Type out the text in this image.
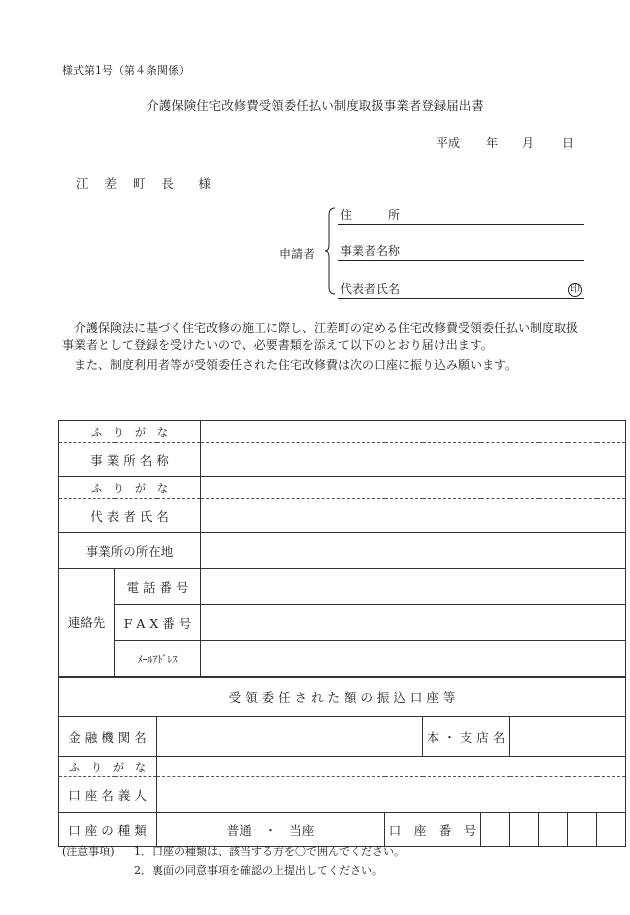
様式第1号（第４条関係）
介護保険住宅改修費受領委任払い制度取扱事業者登録届出書
平成 年 月 日
江 差 町 長　様
申請者
住　　　所
事業者名称
代表者氏名	印
介護保険法に基づく住宅改修の施工に際し、江差町の定める住宅改修費受領委任払い制度取扱
事業者として登録を受けたいので、必要書類を添えて以下のとおり届け出ます。
また、制度利用者等が受領委任された住宅改修費は次の口座に振り込み願います。
ふ　り　が　な										
事 業 所 名 称										
ふ　り　が　な										
代 表 者 氏 名										
事業所の所在地										
連絡先	電 話 番 号									
	F A X 番 号									
	ﾒｰﾙｱﾄﾞﾚｽ									
受 領 委 任 さ れ た 額 の 振 込 口 座 等										
金 融 機 関 名					本 ・ 支 店 名					
ふ　り　が　な										
口 座 名 義 人										
口 座 の 種 類		普通　・　当座		口　座　番　号						
(注意事項) 1．口座の種類は、該当する方を〇で囲んでください。
2．裏面の同意事項を確認の上提出してください。
